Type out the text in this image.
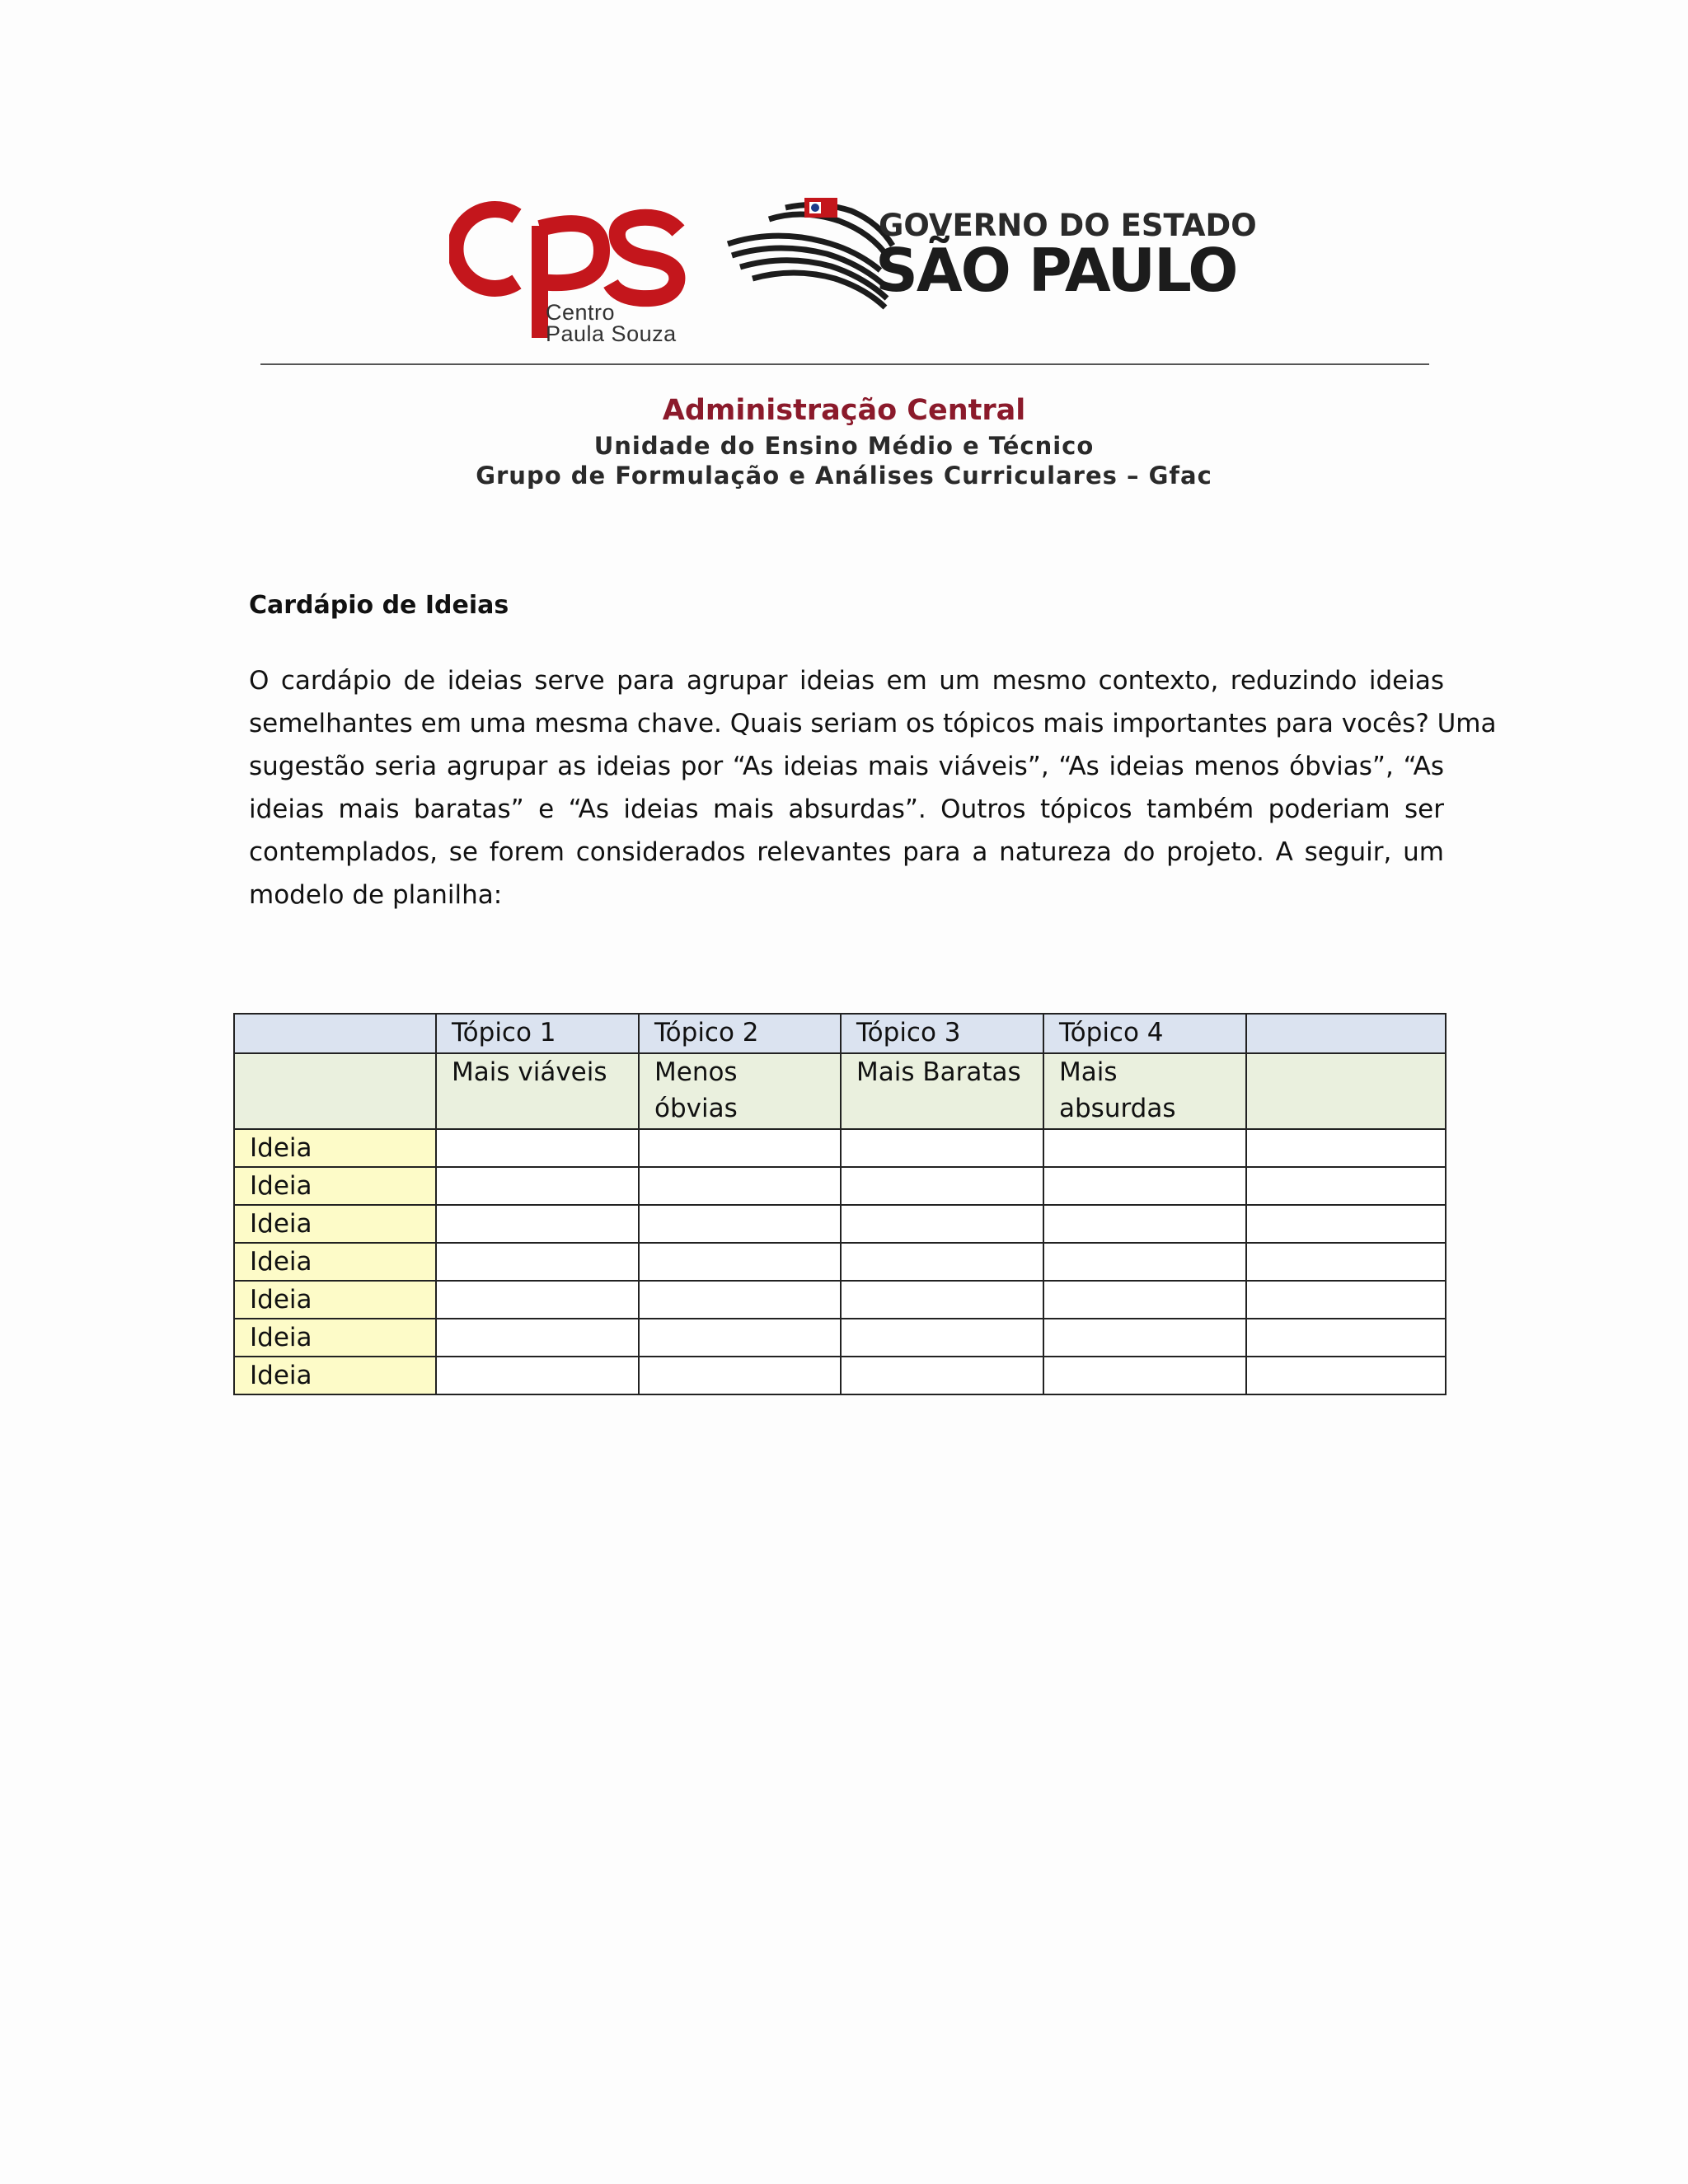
Centro
Paula Souza
GOVERNO DO ESTADO
SÃO PAULO
Administração Central
Unidade do Ensino Médio e Técnico
Grupo de Formulação e Análises Curriculares – Gfac
Cardápio de Ideias
O cardápio de ideias serve para agrupar ideias em um mesmo contexto, reduzindo ideias
semelhantes em uma mesma chave. Quais seriam os tópicos mais importantes para vocês? Uma
sugestão seria agrupar as ideias por “As ideias mais viáveis”, “As ideias menos óbvias”, “As
ideias mais baratas” e “As ideias mais absurdas”. Outros tópicos também poderiam ser
contemplados, se forem considerados relevantes para a natureza do projeto. A seguir, um
modelo de planilha:
	Tópico 1	Tópico 2	Tópico 3	Tópico 4	
	Mais viáveis	Menos óbvias	Mais Baratas	Mais absurdas	
Ideia					
Ideia					
Ideia					
Ideia					
Ideia					
Ideia					
Ideia					
